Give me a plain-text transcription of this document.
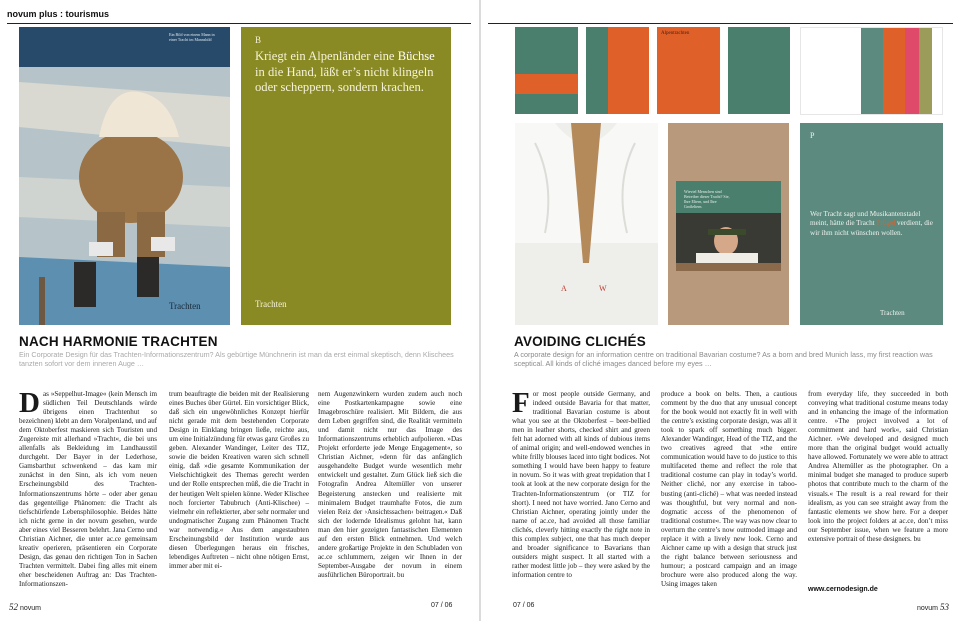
novum plus : tourismus
Ein Bild von einem Mann in einer Tracht im Mannsbild
Trachten
B
Kriegt ein Alpenländer eine Büchse in die Hand, läßt er’s nicht klingeln oder scheppern, sondern krachen.
Trachten
NACH HARMONIE TRACHTEN
Ein Corporate Design für das Trachten-Informationszentrum? Als gebürtige Münchnerin ist man da erst einmal skeptisch, denn Klischees tanzten sofort vor dem inneren Auge …
Das »Seppelhut-Image« (kein Mensch im südlichen Teil Deutschlands würde übrigens einen Trachtenhut so bezeichnen) klebt an dem Voralpenland, und auf dem Oktoberfest maskieren sich Touristen und Zugereiste mit allerhand »Tracht«, die bei uns allenfalls als Bekleidung im Landhausstil durchgeht. Der Bayer in der Lederhose, Gamsbarthut schwenkend – das kam mir zunächst in den Sinn, als ich vom neuen Erscheinungsbild des Trachten-Informationszentrums hörte – oder aber genau das gegenteilige Phänomen: die Tracht als tiefschürfende Lebensphilosophie. Beides hätte ich nicht gerne in der novum gesehen, wurde aber eines viel Besseren belehrt. Jana Cerno und Christian Aichner, die unter ac.ce gemeinsam kreativ operieren, präsentieren ein Corporate Design, das genau den richtigen Ton in Sachen Trachten vermittelt. Dabei fing alles mit einem eher bescheidenen Auftrag an: Das Trachten-Informationszen-
trum beauftragte die beiden mit der Realisierung eines Buches über Gürtel. Ein vorsichtiger Blick, daß sich ein ungewöhnliches Konzept hierfür nicht gerade mit dem bestehenden Corporate Design in Einklang bringen ließe, reichte aus, um eine Initialzündung für etwas ganz Großes zu geben. Alexander Wandinger, Leiter des TIZ, sowie die beiden Kreativen waren sich schnell einig, daß »die gesamte Kommunikation der Vielschichtigkeit des Themas gerecht werden und der Rolle entsprechen müß, die die Tracht in der heutigen Welt spielen könne. Weder Klischee noch forcierter Tabubruch (Anti-Klischee) – vielmehr ein reflektierter, aber sehr normaler und undogmatischer Zugang zum Phänomen Tracht war notwendig.« Aus dem angestaubten Erscheinungsbild der Institution wurde aus diesen Überlegungen heraus ein frisches, lebendiges Auftreten – nicht ohne nötigen Ernst, immer aber mit ei-
nem Augenzwinkern wurden zudem auch noch eine Postkartenkampagne sowie eine Imagebroschüre realisiert. Mit Bildern, die aus dem Leben gegriffen sind, die Realität vermitteln und damit nicht nur das Image des Informationszentrums erheblich aufpolieren. »Das Projekt erforderte jede Menge Engagement«, so Christian Aichner, »denn für das anfänglich ausgehandelte Budget wurde wesentlich mehr entwickelt und gestaltet. Zum Glück ließ sich die Fotografin Andrea Altemüller von unserer Begeisterung anstecken und realisierte mit minimalem Budget traumhafte Fotos, die zum vielen Reiz der ›Ansichtssachen‹ beitragen.« Daß sich der lodernde Idealismus gelohnt hat, kann man den hier gezeigten fantastischen Elementen auf den ersten Blick entnehmen. Und welch andere großartige Projekte in den Schubladen von ac.ce schlummern, zeigen wir Ihnen in der September-Ausgabe der novum in einem ausführlichen Büroportrait. bu
52 novum	07 / 06
Alpentrachten
A	W
Wieviel Menschen sind Betreiber dieser Tracht? Sie, Ihre Eltern, und Ihre Großeltern.
P
Wer Tracht sagt und Musikantenstadel meint, hätte die Tracht Prügel verdient, die wir ihm nicht wünschen wollen.
Trachten
AVOIDING CLICHÉS
A corporate design for an information centre on traditional Bavarian costume? As a born and bred Munich lass, my first reaction was sceptical. All kinds of cliché images danced before my eyes …
For most people outside Germany, and indeed outside Bavaria for that matter, traditional Bavarian costume is about what you see at the Oktoberfest – beer-bellied men in leather shorts, checked shirt and green felt hat adorned with all kinds of dubious items of animal origin; and well-endowed wenches in white frilly blouses laced into tight bodices. Not something I would have been happy to feature in novum. So it was with great trepidation that I took at look at the new corporate design for the Trachten-Informationszentrum (or TIZ for short). I need not have worried. Jano Cerno and Christian Aichner, operating jointly under the name of ac.ce, had avoided all those familiar clichés, cleverly hitting exactly the right note in this complex subject, one that has much deeper and broader significance to Bavarians than outsiders might suspect. It all started with a rather modest little job – they were asked by the information centre to
produce a book on belts. Then, a cautious comment by the duo that any unusual concept for the book would not exactly fit in well with the centre’s existing corporate design, was all it took to spark off something much bigger. Alexander Wandinger, Head of the TIZ, and the two creatives agreed that »the entire communication would have to do justice to this multifaceted theme and reflect the role that traditional costume can play in today’s world. Neither cliché, nor any exercise in taboo-busting (anti-cliché) – what was needed instead was thoughtful, but very normal and non-dogmatic access of the phenomenon of traditional costume«. The way was now clear to overturn the centre’s now outmoded image and replace it with a lively new look. Cerno and Aichner came up with a design that struck just the right balance between seriousness and humour; a postcard campaign and an image brochure were also produced along the way. Using images taken
from everyday life, they succeeded in both conveying what traditional costume means today and in enhancing the image of the information centre. »The project involved a lot of commitment and hard work«, said Christian Aichner. »We developed and designed much more than the original budget would actually have allowed. Fortunately we were able to attract Andrea Altemüller as the photographer. On a minimal budget she managed to produce superb photos that contribute much to the charm of the visuals.« The result is a real reward for their idealism, as you can see straight away from the fantastic elements we show here. For a deeper look into the project folders at ac.ce, don’t miss our September issue, when we feature a more extensive portrait of these designers. bu
www.cernodesign.de
07 / 06	novum 53
